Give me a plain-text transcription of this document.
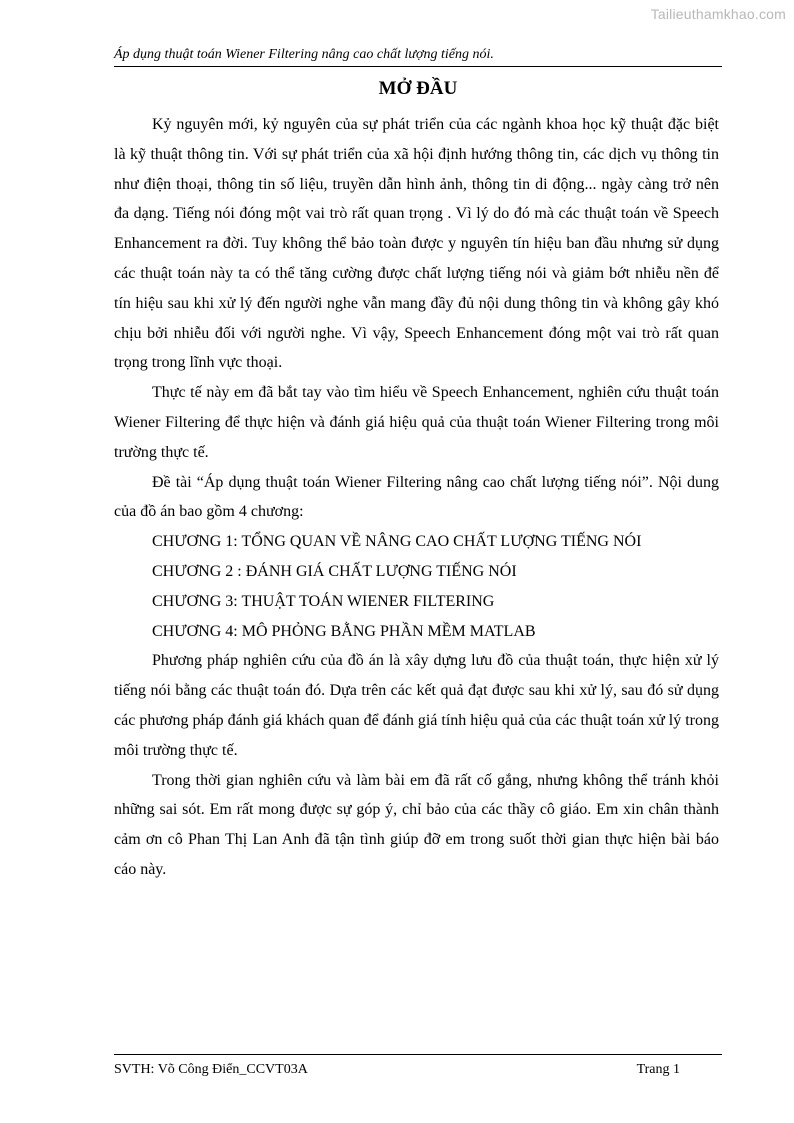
Tailieuthamkhao.com
Áp dụng thuật toán Wiener Filtering nâng cao chất lượng tiếng nói.
MỞ ĐẦU

Kỷ nguyên mới, kỷ nguyên của sự phát triển của các ngành khoa học kỹ thuật đặc biệt là kỹ thuật thông tin. Với sự phát triển của xã hội định hướng thông tin, các dịch vụ thông tin như điện thoại, thông tin số liệu, truyền dẫn hình ảnh, thông tin di động... ngày càng trở nên đa dạng. Tiếng nói đóng một vai trò rất quan trọng . Vì lý do đó mà các thuật toán về Speech Enhancement ra đời. Tuy không thể bảo toàn được y nguyên tín hiệu ban đầu nhưng sử dụng các thuật toán này ta có thể tăng cường được chất lượng tiếng nói và giảm bớt nhiễu nền để tín hiệu sau khi xử lý đến người nghe vẫn mang đầy đủ nội dung thông tin và không gây khó chịu bởi nhiễu đối với người nghe. Vì vậy, Speech Enhancement đóng một vai trò rất quan trọng trong lĩnh vực thoại.

Thực tế này em đã bắt tay vào tìm hiểu về Speech Enhancement, nghiên cứu thuật toán Wiener Filtering để thực hiện và đánh giá hiệu quả của thuật toán Wiener Filtering trong môi trường thực tế.

Đề tài “Áp dụng thuật toán Wiener Filtering nâng cao chất lượng tiếng nói”. Nội dung của đồ án bao gồm 4 chương:

CHƯƠNG 1: TỔNG QUAN VỀ NÂNG CAO CHẤT LƯỢNG TIẾNG NÓI

CHƯƠNG 2 : ĐÁNH GIÁ CHẤT LƯỢNG TIẾNG NÓI

CHƯƠNG 3: THUẬT TOÁN WIENER FILTERING

CHƯƠNG 4: MÔ PHỎNG BẰNG PHẦN MỀM MATLAB

Phương pháp nghiên cứu của đồ án là xây dựng lưu đồ của thuật toán, thực hiện xử lý tiếng nói bằng các thuật toán đó. Dựa trên các kết quả đạt được sau khi xử lý, sau đó sử dụng các phương pháp đánh giá khách quan để đánh giá tính hiệu quả của các thuật toán xử lý trong môi trường thực tế.

Trong thời gian nghiên cứu và làm bài em đã rất cố gắng, nhưng không thể tránh khỏi những sai sót. Em rất mong được sự góp ý, chỉ bảo của các thầy cô giáo. Em xin chân thành cảm ơn cô Phan Thị Lan Anh đã tận tình giúp đỡ em trong suốt thời gian thực hiện bài báo cáo này.

SVTH: Võ Công Điển_CCVT03A	Trang 1
